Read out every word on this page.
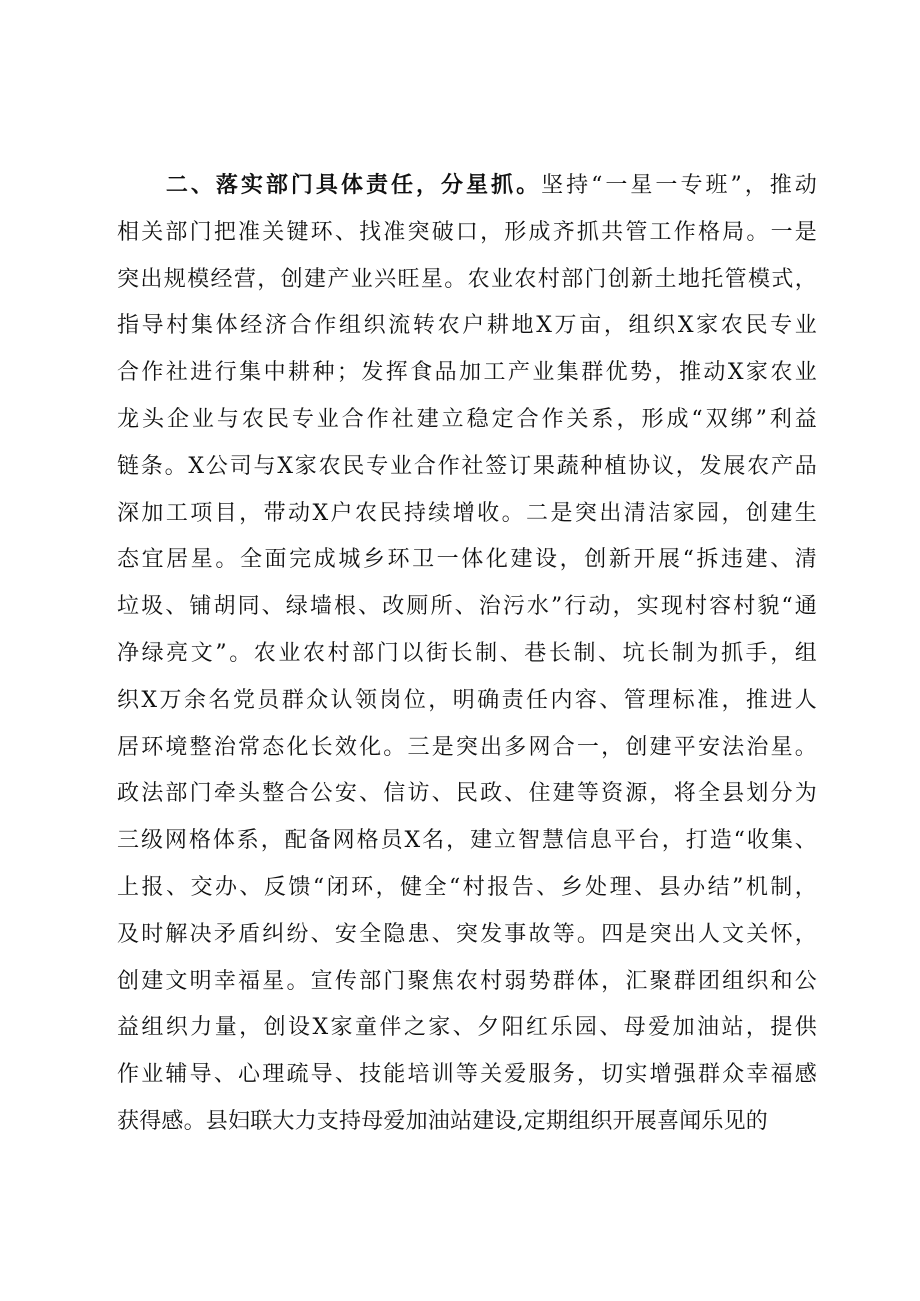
二、落实部门具体责任，分星抓。坚持“一星一专班”，推动
相关部门把准关键环、找准突破口，形成齐抓共管工作格局。一是
突出规模经营，创建产业兴旺星。农业农村部门创新土地托管模式，
指导村集体经济合作组织流转农户耕地X万亩，组织X家农民专业
合作社进行集中耕种；发挥食品加工产业集群优势，推动X家农业
龙头企业与农民专业合作社建立稳定合作关系，形成“双绑”利益
链条。X公司与X家农民专业合作社签订果蔬种植协议，发展农产品
深加工项目，带动X户农民持续增收。二是突出清洁家园，创建生
态宜居星。全面完成城乡环卫一体化建设，创新开展“拆违建、清
垃圾、铺胡同、绿墙根、改厕所、治污水”行动，实现村容村貌“通
净绿亮文”。农业农村部门以街长制、巷长制、坑长制为抓手，组
织X万余名党员群众认领岗位，明确责任内容、管理标准，推进人
居环境整治常态化长效化。三是突出多网合一，创建平安法治星。
政法部门牵头整合公安、信访、民政、住建等资源，将全县划分为
三级网格体系，配备网格员X名，建立智慧信息平台，打造“收集、
上报、交办、反馈“闭环，健全“村报告、乡处理、县办结”机制，
及时解决矛盾纠纷、安全隐患、突发事故等。四是突出人文关怀，
创建文明幸福星。宣传部门聚焦农村弱势群体，汇聚群团组织和公
益组织力量，创设X家童伴之家、夕阳红乐园、母爱加油站，提供
作业辅导、心理疏导、技能培训等关爱服务，切实增强群众幸福感
获得感。县妇联大力支持母爱加油站建设,定期组织开展喜闻乐见的
